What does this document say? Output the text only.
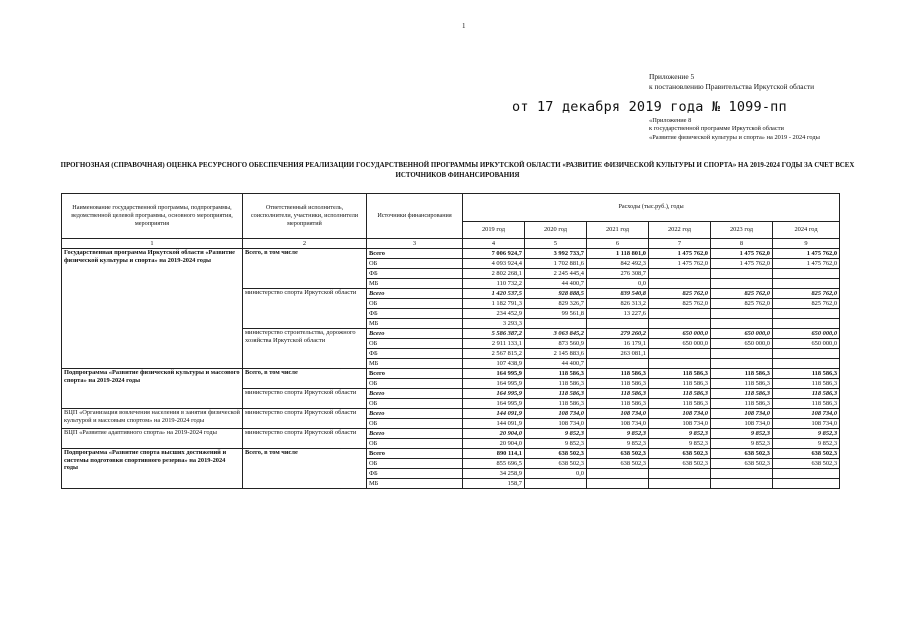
1
Приложение 5
к постановлению Правительства Иркутской области
от 17 декабря 2019 года № 1099-пп
«Приложение 8
к государственной программе Иркутской области
«Развитие физической культуры и спорта» на 2019 - 2024 годы
ПРОГНОЗНАЯ (СПРАВОЧНАЯ) ОЦЕНКА РЕСУРСНОГО ОБЕСПЕЧЕНИЯ РЕАЛИЗАЦИИ ГОСУДАРСТВЕННОЙ ПРОГРАММЫ ИРКУТСКОЙ ОБЛАСТИ «РАЗВИТИЕ ФИЗИЧЕСКОЙ КУЛЬТУРЫ И СПОРТА» НА 2019-2024 ГОДЫ ЗА СЧЕТ ВСЕХ ИСТОЧНИКОВ ФИНАНСИРОВАНИЯ
Наименование государственной программы, подпрограммы, ведомственной целевой программы, основного мероприятия, мероприятия	Ответственный исполнитель, соисполнители, участники, исполнители мероприятий	Источники финансирования	Расходы (тыс.руб.), годы					
			2019 год	2020 год	2021 год	2022 год	2023 год	2024 год
1	2	3	4	5	6	7	8	9
Государственная программа Иркутской области «Развитие физической культуры и спорта» на 2019-2024 годы	Всего, в том числе	Всего	7 006 924,7	3 992 733,7	1 118 801,0	1 475 762,0	1 475 762,0	1 475 762,0
		ОБ	4 093 924,4	1 702 881,6	842 492,3	1 475 762,0	1 475 762,0	1 475 762,0
		ФБ	2 802 268,1	2 245 445,4	276 308,7			
		МБ	110 732,2	44 400,7	0,0			
	министерство спорта Иркутской области	Всего	1 420 537,5	928 888,5	839 540,8	825 762,0	825 762,0	825 762,0
		ОБ	1 182 791,3	829 326,7	826 313,2	825 762,0	825 762,0	825 762,0
		ФБ	234 452,9	99 561,8	13 227,6			
		МБ	3 293,3					
	министерство строительства, дорожного хозяйства Иркутской области	Всего	5 586 387,2	3 063 845,2	279 260,2	650 000,0	650 000,0	650 000,0
		ОБ	2 911 133,1	873 560,9	16 179,1	650 000,0	650 000,0	650 000,0
		ФБ	2 567 815,2	2 145 883,6	263 081,1			
		МБ	107 438,9	44 400,7				
Подпрограмма «Развитие физической культуры и массового спорта» на 2019-2024 годы	Всего, в том числе	Всего	164 995,9	118 586,3	118 586,3	118 586,3	118 586,3	118 586,3
		ОБ	164 995,9	118 586,3	118 586,3	118 586,3	118 586,3	118 586,3
	министерство спорта Иркутской области	Всего	164 995,9	118 586,3	118 586,3	118 586,3	118 586,3	118 586,3
		ОБ	164 995,9	118 586,3	118 586,3	118 586,3	118 586,3	118 586,3
ВЦП «Организация вовлечения населения в занятия физической культурой и массовым спортом» на 2019-2024 годы	министерство спорта Иркутской области	Всего	144 091,9	108 734,0	108 734,0	108 734,0	108 734,0	108 734,0
		ОБ	144 091,9	108 734,0	108 734,0	108 734,0	108 734,0	108 734,0
ВЦП «Развитие адаптивного спорта» на 2019-2024 годы	министерство спорта Иркутской области	Всего	20 904,0	9 852,3	9 852,3	9 852,3	9 852,3	9 852,3
		ОБ	20 904,0	9 852,3	9 852,3	9 852,3	9 852,3	9 852,3
Подпрограмма «Развитие спорта высших достижений и системы подготовки спортивного резерва» на 2019-2024 годы	Всего, в том числе	Всего	890 114,1	638 502,3	638 502,3	638 502,3	638 502,3	638 502,3
		ОБ	855 696,5	638 502,3	638 502,3	638 502,3	638 502,3	638 502,3
		ФБ	34 258,9	0,0				
		МБ	158,7					
